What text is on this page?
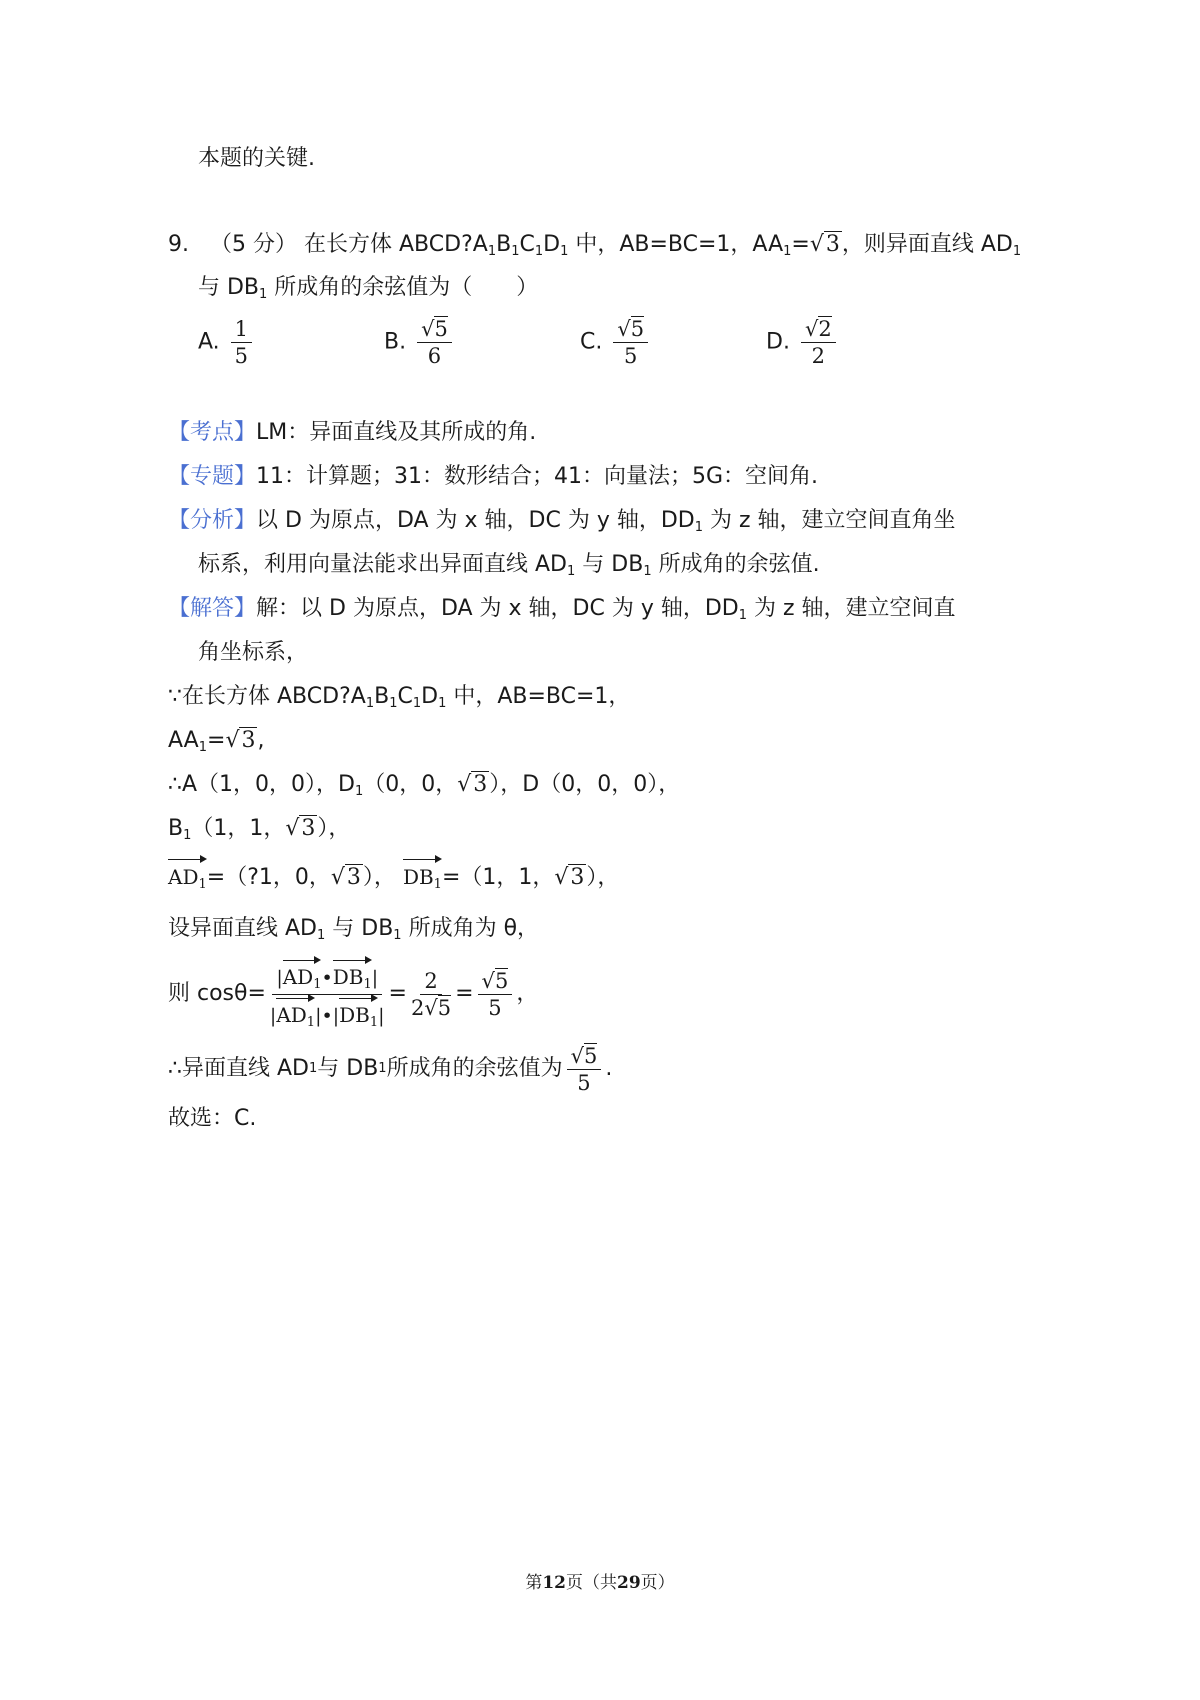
本题的关键.
9. （5 分） 在长方体 $ABCD?A_1B_1C_1D_1$ 中，AB=BC=1，$AA_1=√3$，则异面直线 $AD_1$
与 $DB_1$ 所成角的余弦值为（　　）
A. $\frac{1}{5}$	B. $\frac{√5}{6}$	C. $\frac{√5}{5}$	D. $\frac{√2}{2}$
【考点】LM：异面直线及其所成的角.
【专题】11：计算题；31：数形结合；41：向量法；5G：空间角.
【分析】以 D 为原点，DA 为 x 轴，DC 为 y 轴，$DD_1$ 为 z 轴，建立空间直角坐
标系，利用向量法能求出异面直线 $AD_1$ 与 $DB_1$ 所成角的余弦值.
【解答】解：以 D 为原点，DA 为 x 轴，DC 为 y 轴，$DD_1$ 为 z 轴，建立空间直
角坐标系，
∵在长方体 $ABCD?A_1B_1C_1D_1$ 中，AB=BC=1，
$AA_1=√3$,
∴A（1，0，0），$D_1(0$，0，√3），D（0，0，0），
$B_1(1$，1，√3），
$AD_1=(?1$，0，√3）， $DB_1=(1$，1，√3），
设异面直线 $AD_1$ 与 $DB_1$ 所成角为 θ，
则 $\cos\theta= \frac{|AD_1•DB_1|}{|AD_1|•|DB_1|} = \frac{2}{2√5} = \frac{√5}{5}$ ，
∴异面直线 AD 1 与 DB 1 所成角的余弦值为 $\frac{√5}{5}$ .
故选：C.
第12页（共29页）
